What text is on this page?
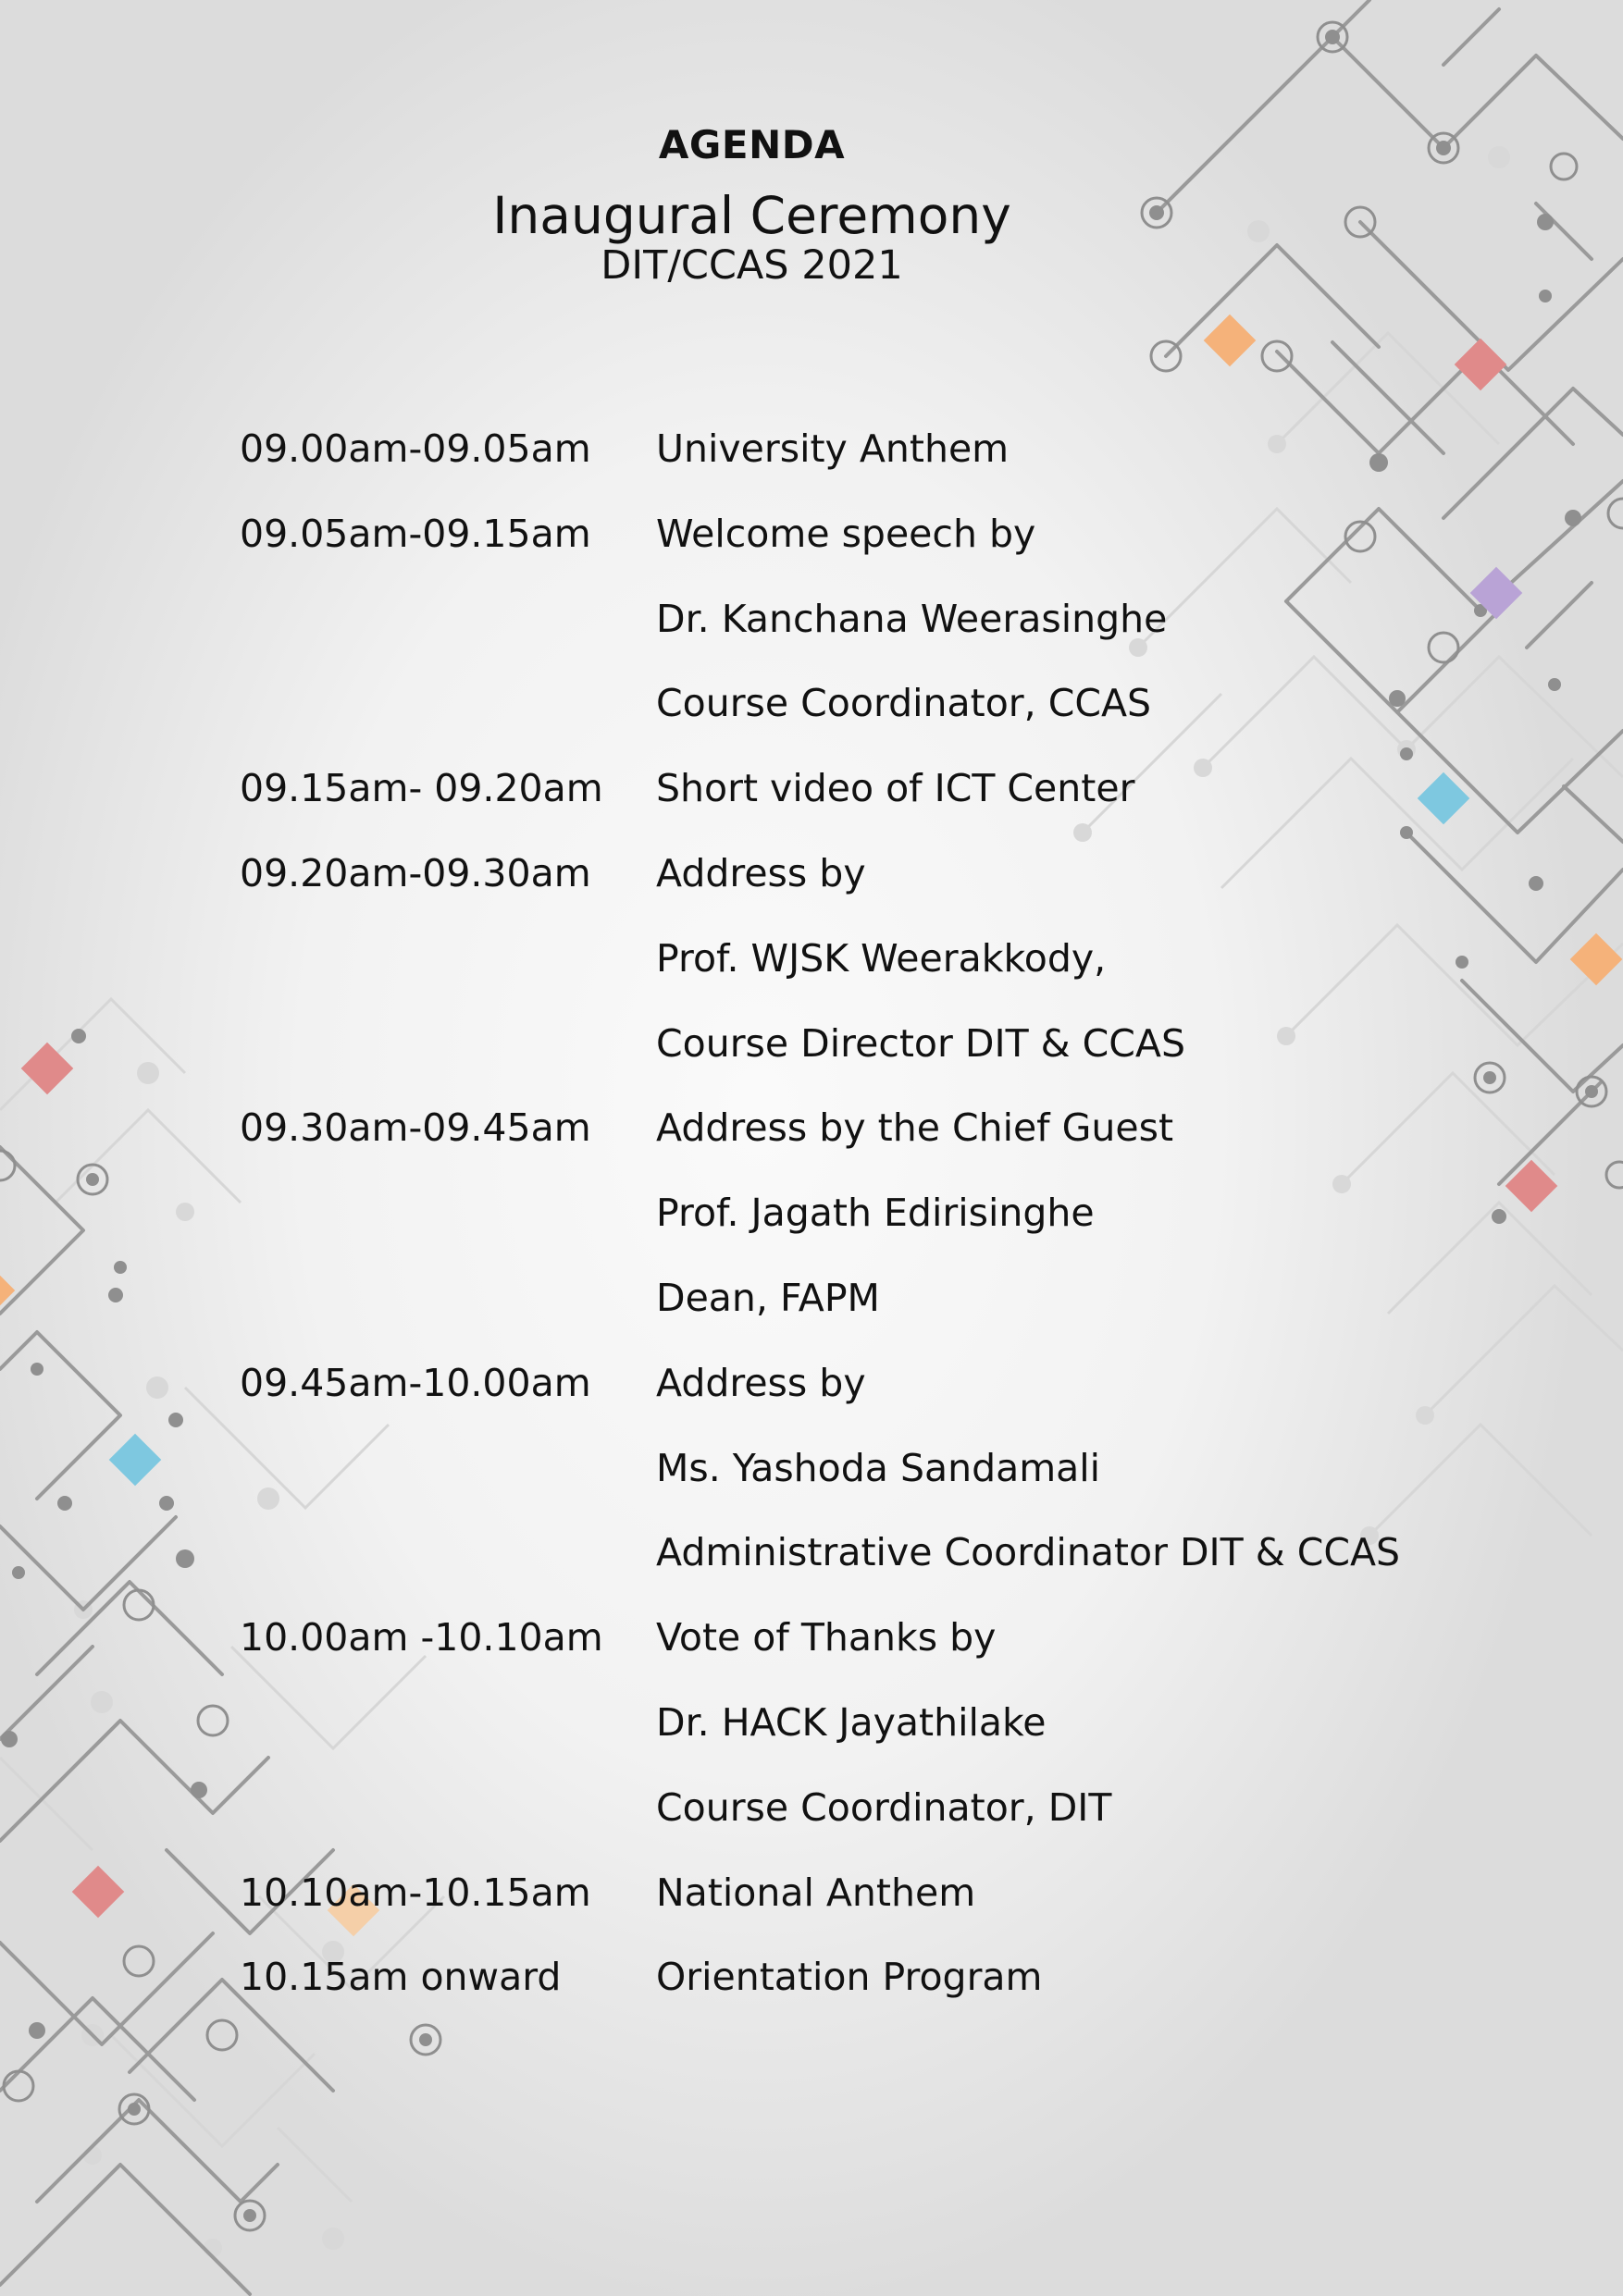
AGENDA
Inaugural Ceremony
DIT/CCAS 2021
09.00am-09.05am University Anthem
09.05am-09.15am Welcome speech by
Dr. Kanchana Weerasinghe
Course Coordinator, CCAS
09.15am- 09.20am Short video of ICT Center
09.20am-09.30am Address by
Prof. WJSK Weerakkody,
Course Director DIT & CCAS
09.30am-09.45am Address by the Chief Guest
Prof. Jagath Edirisinghe
Dean, FAPM
09.45am-10.00am Address by
Ms. Yashoda Sandamali
Administrative Coordinator DIT & CCAS
10.00am -10.10am Vote of Thanks by
Dr. HACK Jayathilake
Course Coordinator, DIT
10.10am-10.15am National Anthem
10.15am onward	Orientation Program
